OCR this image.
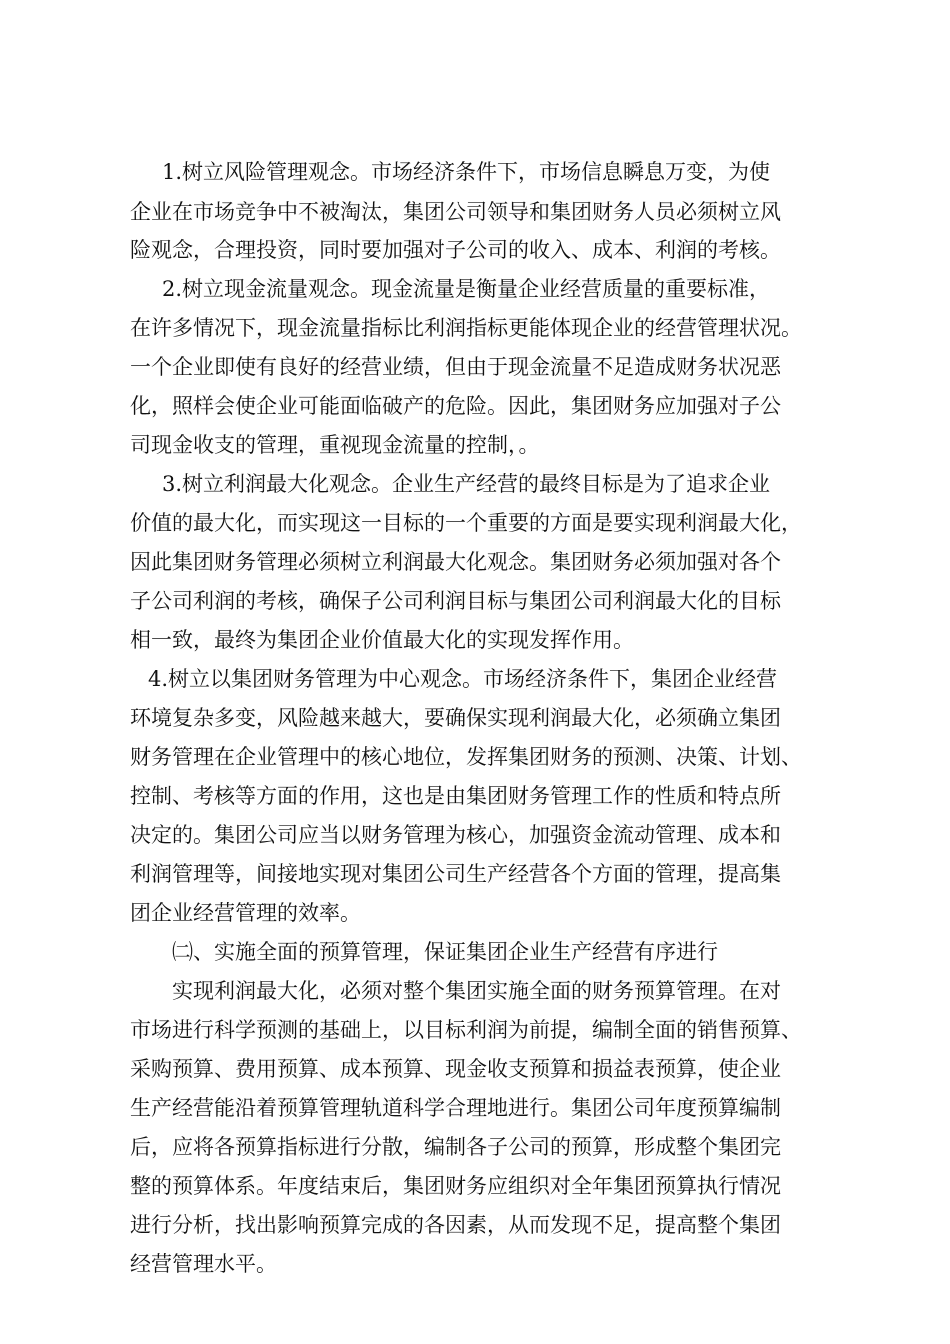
1.树立风险管理观念。市场经济条件下，市场信息瞬息万变，为使

企业在市场竞争中不被淘汰，集团公司领导和集团财务人员必须树立风

险观念，合理投资，同时要加强对子公司的收入、成本、利润的考核。

2.树立现金流量观念。现金流量是衡量企业经营质量的重要标准，

在许多情况下，现金流量指标比利润指标更能体现企业的经营管理状况。

一个企业即使有良好的经营业绩，但由于现金流量不足造成财务状况恶

化，照样会使企业可能面临破产的危险。因此，集团财务应加强对子公

司现金收支的管理，重视现金流量的控制，。

3.树立利润最大化观念。企业生产经营的最终目标是为了追求企业

价值的最大化，而实现这一目标的一个重要的方面是要实现利润最大化，

因此集团财务管理必须树立利润最大化观念。集团财务必须加强对各个

子公司利润的考核，确保子公司利润目标与集团公司利润最大化的目标

相一致，最终为集团企业价值最大化的实现发挥作用。

4.树立以集团财务管理为中心观念。市场经济条件下，集团企业经营

环境复杂多变，风险越来越大，要确保实现利润最大化，必须确立集团

财务管理在企业管理中的核心地位，发挥集团财务的预测、决策、计划、

控制、考核等方面的作用，这也是由集团财务管理工作的性质和特点所

决定的。集团公司应当以财务管理为核心，加强资金流动管理、成本和

利润管理等，间接地实现对集团公司生产经营各个方面的管理，提高集

团企业经营管理的效率。

㈡、实施全面的预算管理，保证集团企业生产经营有序进行

实现利润最大化，必须对整个集团实施全面的财务预算管理。在对

市场进行科学预测的基础上，以目标利润为前提，编制全面的销售预算、

采购预算、费用预算、成本预算、现金收支预算和损益表预算，使企业

生产经营能沿着预算管理轨道科学合理地进行。集团公司年度预算编制

后，应将各预算指标进行分散，编制各子公司的预算，形成整个集团完

整的预算体系。年度结束后，集团财务应组织对全年集团预算执行情况

进行分析，找出影响预算完成的各因素，从而发现不足，提高整个集团

经营管理水平。
